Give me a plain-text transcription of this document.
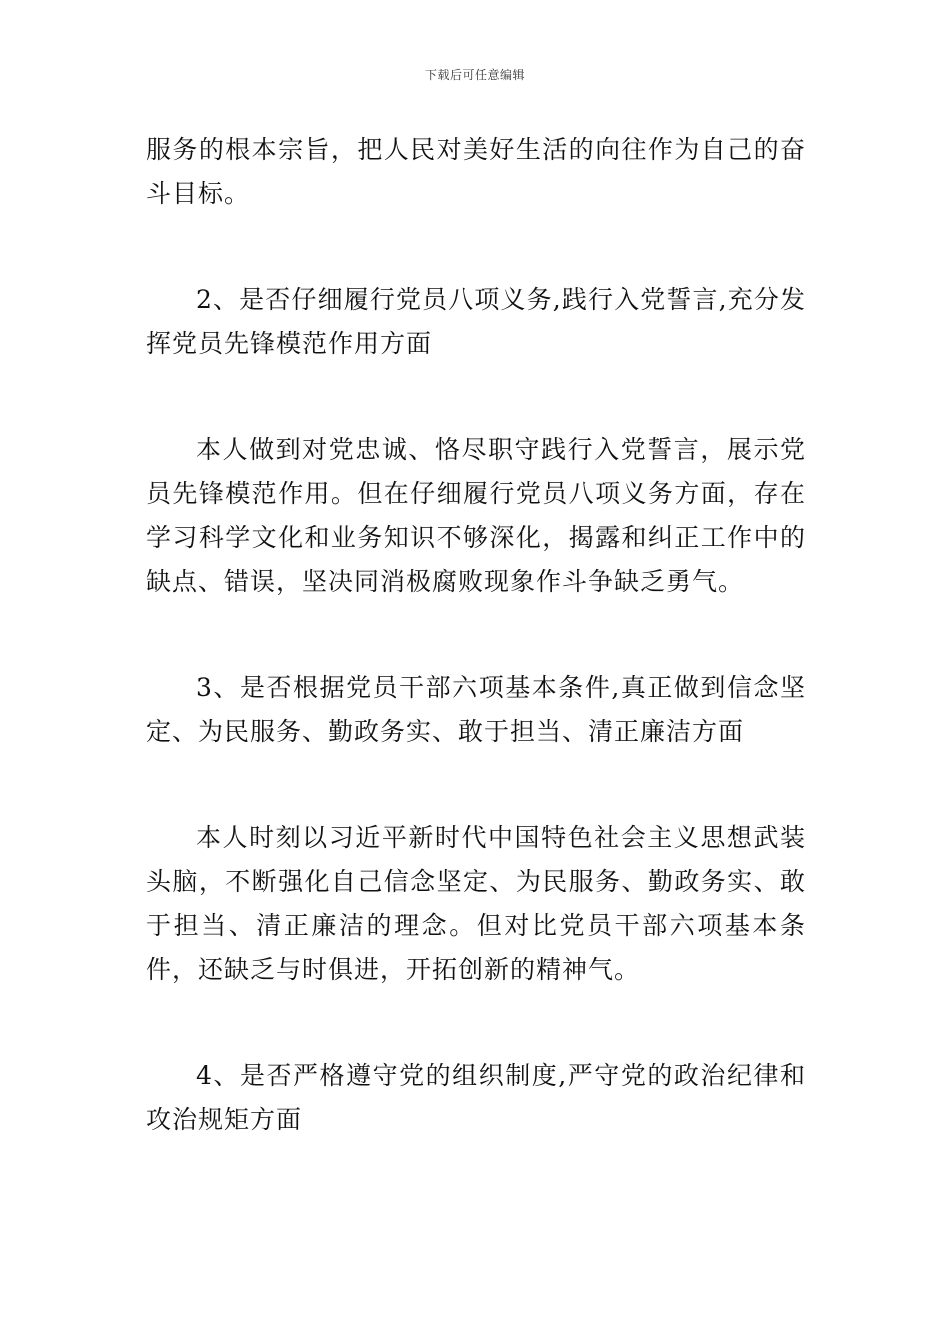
下载后可任意编辑

服务的根本宗旨，把人民对美好生活的向往作为自己的奋斗目标。

2、是否仔细履行党员八项义务,践行入党誓言,充分发挥党员先锋模范作用方面

本人做到对党忠诚、恪尽职守践行入党誓言，展示党员先锋模范作用。但在仔细履行党员八项义务方面，存在学习科学文化和业务知识不够深化，揭露和纠正工作中的缺点、错误，坚决同消极腐败现象作斗争缺乏勇气。

3、是否根据党员干部六项基本条件,真正做到信念坚定、为民服务、勤政务实、敢于担当、清正廉洁方面

本人时刻以习近平新时代中国特色社会主义思想武装头脑，不断强化自己信念坚定、为民服务、勤政务实、敢于担当、清正廉洁的理念。但对比党员干部六项基本条件，还缺乏与时俱进，开拓创新的精神气。

4、是否严格遵守党的组织制度,严守党的政治纪律和攻治规矩方面
